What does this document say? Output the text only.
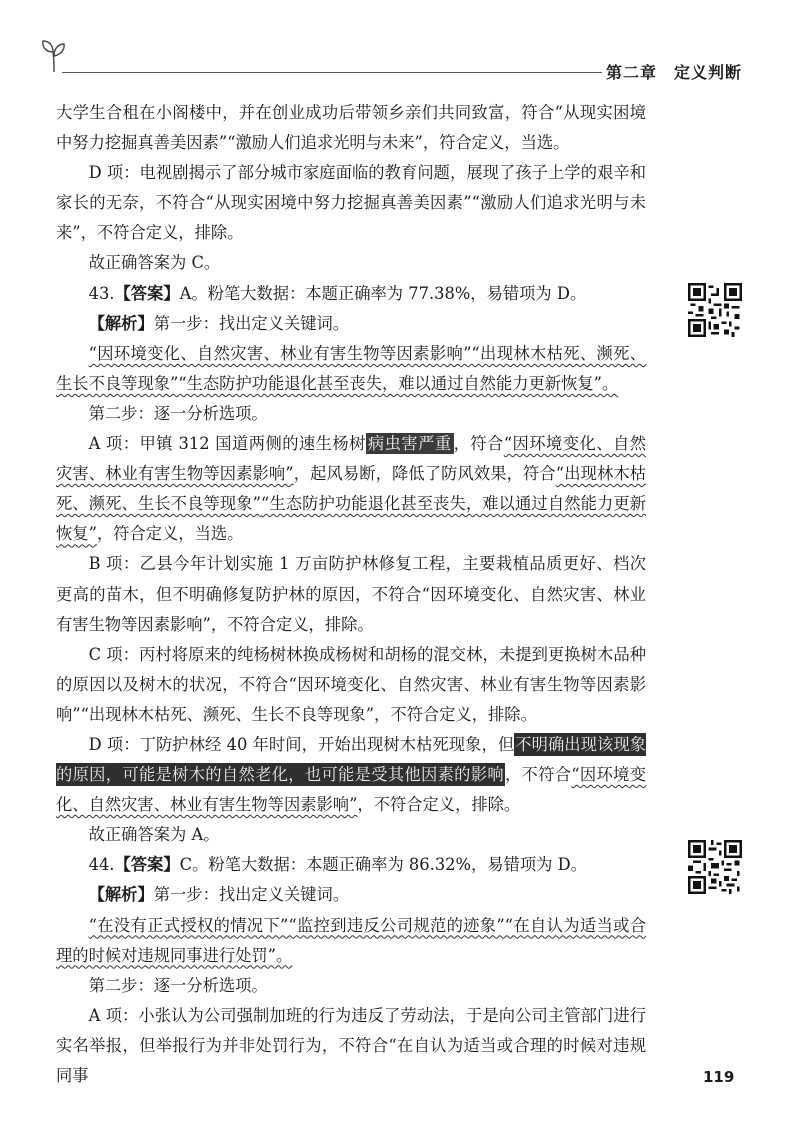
第二章　定义判断

大学生合租在小阁楼中，并在创业成功后带领乡亲们共同致富，符合“从现实困境中努力挖掘真善美因素”“激励人们追求光明与未来”，符合定义，当选。

D 项：电视剧揭示了部分城市家庭面临的教育问题，展现了孩子上学的艰辛和家长的无奈，不符合“从现实困境中努力挖掘真善美因素”“激励人们追求光明与未来”，不符合定义，排除。

故正确答案为 C。

43.【答案】A。粉笔大数据：本题正确率为 77.38%，易错项为 D。

【解析】第一步：找出定义关键词。

“因环境变化、自然灾害、林业有害生物等因素影响”“出现林木枯死、濒死、生长不良等现象”“生态防护功能退化甚至丧失，难以通过自然能力更新恢复”。

第二步：逐一分析选项。

A 项：甲镇 312 国道两侧的速生杨树 病虫害严重 ，符合“因环境变化、自然灾害、林业有害生物等因素影响”，起风易断，降低了防风效果，符合“出现林木枯死、濒死、生长不良等现象”“生态防护功能退化甚至丧失，难以通过自然能力更新恢复”，符合定义，当选。

B 项：乙县今年计划实施 1 万亩防护林修复工程，主要栽植品质更好、档次更高的苗木，但不明确修复防护林的原因，不符合“因环境变化、自然灾害、林业有害生物等因素影响”，不符合定义，排除。

C 项：丙村将原来的纯杨树林换成杨树和胡杨的混交林，未提到更换树木品种的原因以及树木的状况，不符合“因环境变化、自然灾害、林业有害生物等因素影响”“出现林木枯死、濒死、生长不良等现象”，不符合定义，排除。

D 项：丁防护林经 40 年时间，开始出现树木枯死现象，但不明确出现该现象的原因，可能是树木的自然老化，也可能是受其他因素的影响，不符合“因环境变化、自然灾害、林业有害生物等因素影响”，不符合定义，排除。

故正确答案为 A。

44.【答案】C。粉笔大数据：本题正确率为 86.32%，易错项为 D。

【解析】第一步：找出定义关键词。

“在没有正式授权的情况下”“监控到违反公司规范的迹象”“在自认为适当或合理的时候对违规同事进行处罚”。

第二步：逐一分析选项。

A 项：小张认为公司强制加班的行为违反了劳动法，于是向公司主管部门进行实名举报，但举报行为并非处罚行为，不符合“在自认为适当或合理的时候对违规同事	119
